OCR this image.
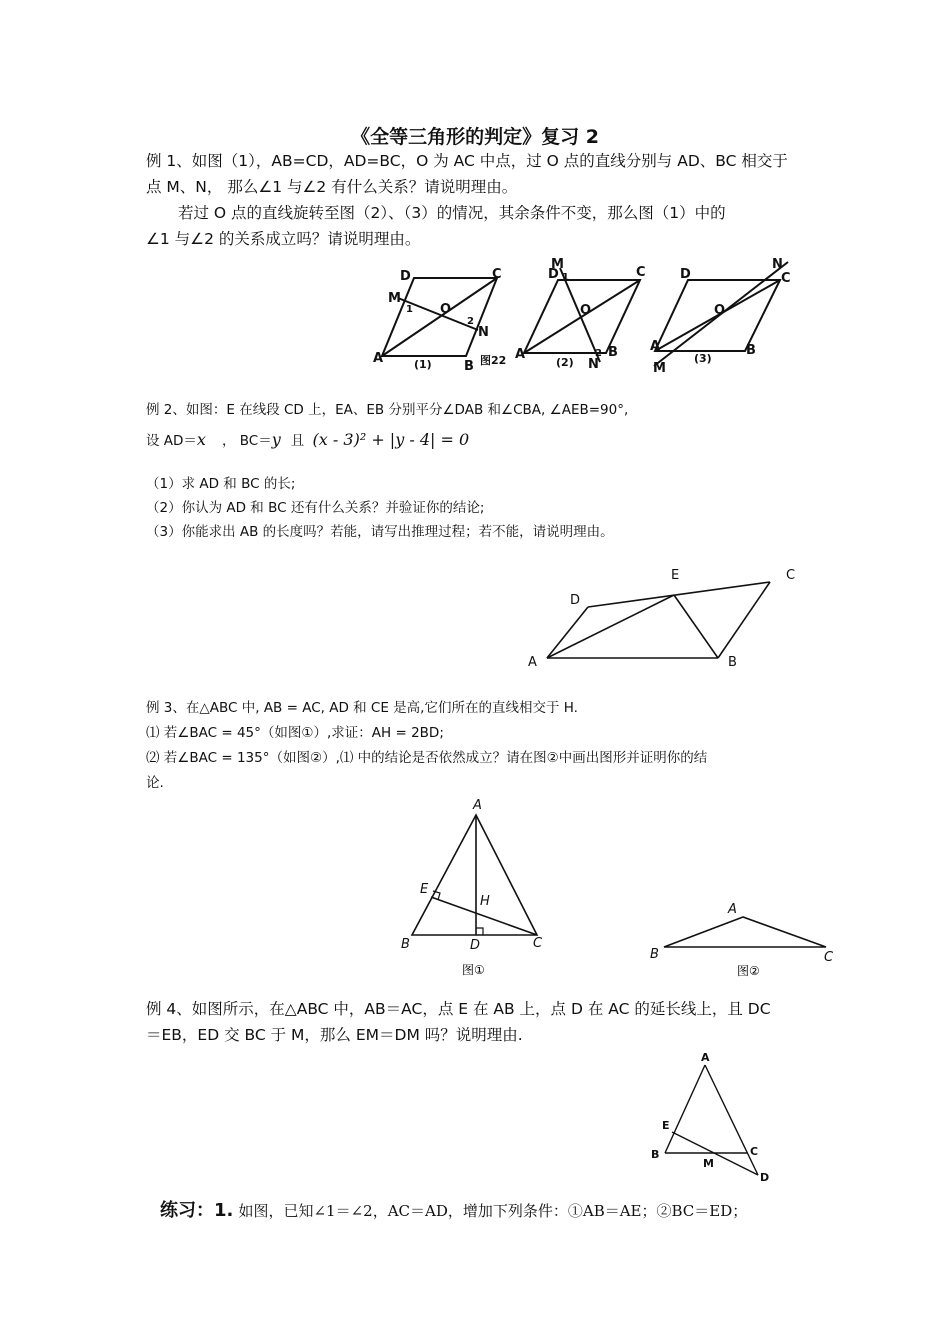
《全等三角形的判定》复习 2
例 1、如图（1），AB=CD，AD=BC，O 为 AC 中点，过 O 点的直线分别与 AD、BC 相交于
点 M、N， 那么∠1 与∠2 有什么关系？请说明理由。
若过 O 点的直线旋转至图（2）、（3）的情况，其余条件不变，那么图（1）中的
∠1 与∠2 的关系成立吗？请说明理由。
A
B
C
D
M
N
O
1
2
(1)	图22 A	B
C
D
M
N
O
1
2
(2)
A	B
C
D
M
N
O
(3)
例 2、如图：E 在线段 CD 上，EA、EB 分别平分∠DAB 和∠CBA, ∠AEB=90°,
设 AD＝x ， BC＝y 且 (x - 3)² + |y - 4| = 0
（1）求 AD 和 BC 的长;
（2）你认为 AD 和 BC 还有什么关系？并验证你的结论;
（3）你能求出 AB 的长度吗？若能，请写出推理过程；若不能，请说明理由。
A	B
C
D
E
例 3、在△ABC 中, AB = AC, AD 和 CE 是高,它们所在的直线相交于 H.
⑴ 若∠BAC = 45°（如图①）,求证：AH = 2BD;
⑵ 若∠BAC = 135°（如图②）,⑴ 中的结论是否依然成立？请在图②中画出图形并证明你的结
论.
A
B	C
D
E
H
图①
A
B	C
图②
例 4、如图所示，在△ABC 中，AB＝AC，点 E 在 AB 上，点 D 在 AC 的延长线上，且 DC
＝EB，ED 交 BC 于 M，那么 EM＝DM 吗？说明理由.
A
B	C
D
E
M
练习：1. 如图，已知∠1＝∠2，AC＝AD，增加下列条件：①AB＝AE；②BC＝ED；
